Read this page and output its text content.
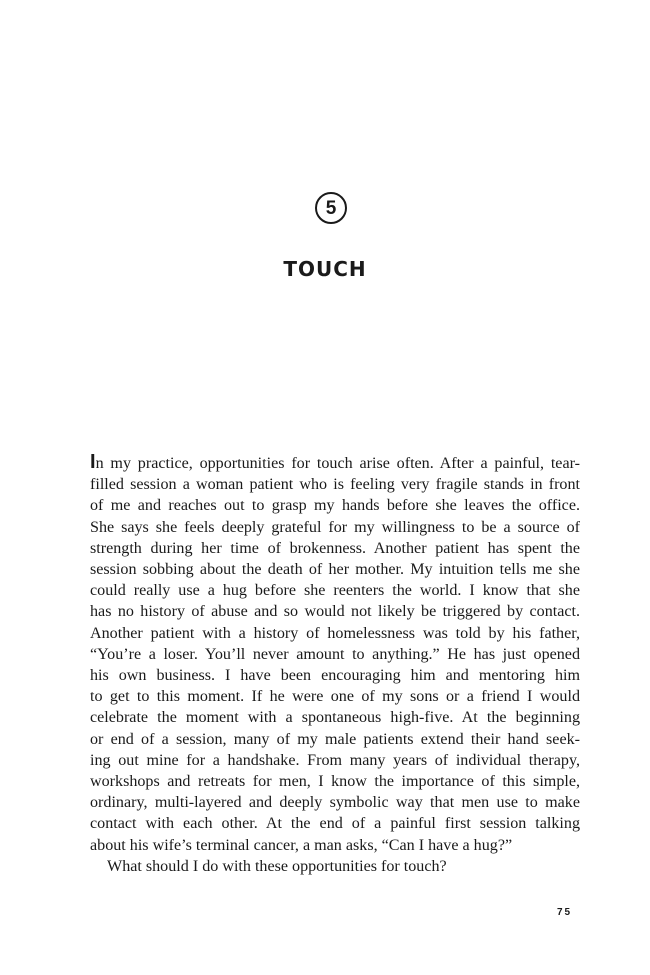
5
TOUCH
In my practice, opportunities for touch arise often. After a painful, tear-
filled session a woman patient who is feeling very fragile stands in front
of me and reaches out to grasp my hands before she leaves the office.
She says she feels deeply grateful for my willingness to be a source of
strength during her time of brokenness. Another patient has spent the
session sobbing about the death of her mother. My intuition tells me she
could really use a hug before she reenters the world. I know that she
has no history of abuse and so would not likely be triggered by contact.
Another patient with a history of homelessness was told by his father,
“You’re a loser. You’ll never amount to anything.” He has just opened
his own business. I have been encouraging him and mentoring him
to get to this moment. If he were one of my sons or a friend I would
celebrate the moment with a spontaneous high-five. At the beginning
or end of a session, many of my male patients extend their hand seek-
ing out mine for a handshake. From many years of individual therapy,
workshops and retreats for men, I know the importance of this simple,
ordinary, multi-layered and deeply symbolic way that men use to make
contact with each other. At the end of a painful first session talking
about his wife’s terminal cancer, a man asks, “Can I have a hug?”
What should I do with these opportunities for touch?
75
